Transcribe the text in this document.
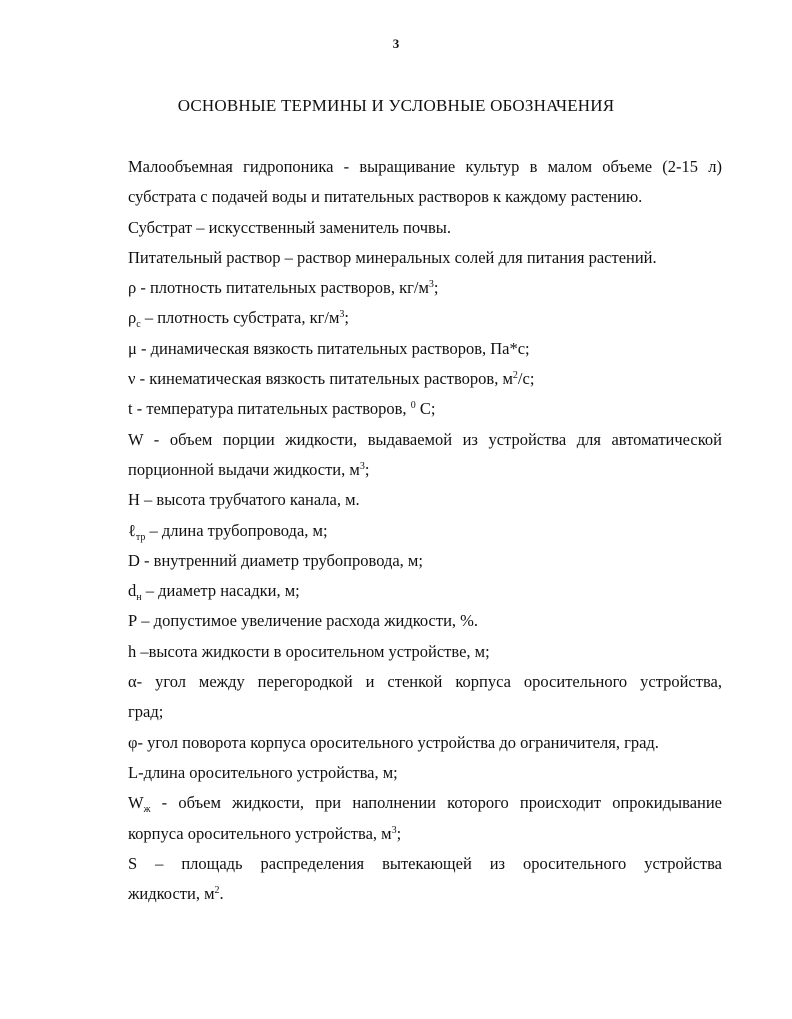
3
ОСНОВНЫЕ ТЕРМИНЫ И УСЛОВНЫЕ ОБОЗНАЧЕНИЯ
Малообъемная гидропоника - выращивание культур в малом объеме (2-15 л)
субстрата с подачей воды и питательных растворов к каждому растению.
Субстрат – искусственный заменитель почвы.
Питательный раствор – раствор минеральных солей для питания растений.
ρ - плотность питательных растворов, $кг/м^3$;
$\rho_с$ – плотность субстрата, $кг/м^3$;
μ - динамическая вязкость питательных растворов, Па*с;
ν - кинематическая вязкость питательных растворов, $м^2/с$;
t - температура питательных растворов, $^0$ С;
W - объем порции жидкости, выдаваемой из устройства для автоматической
порционной выдачи жидкости, $м^3$;
Н – высота трубчатого канала, м.
ℓ$_{тр}$ – длина трубопровода, м;
D - внутренний диаметр трубопровода, м;
$d_н$ – диаметр насадки, м;
Р – допустимое увеличение расхода жидкости, %.
h –высота жидкости в оросительном устройстве, м;
α- угол между перегородкой и стенкой корпуса оросительного устройства,
град;
φ- угол поворота корпуса оросительного устройства до ограничителя, град.
L-длина оросительного устройства, м;
$W_ж$ - объем жидкости, при наполнении которого происходит опрокидывание
корпуса оросительного устройства, $м^3$;
S – площадь распределения вытекающей из оросительного устройства
жидкости, $м^2$.
